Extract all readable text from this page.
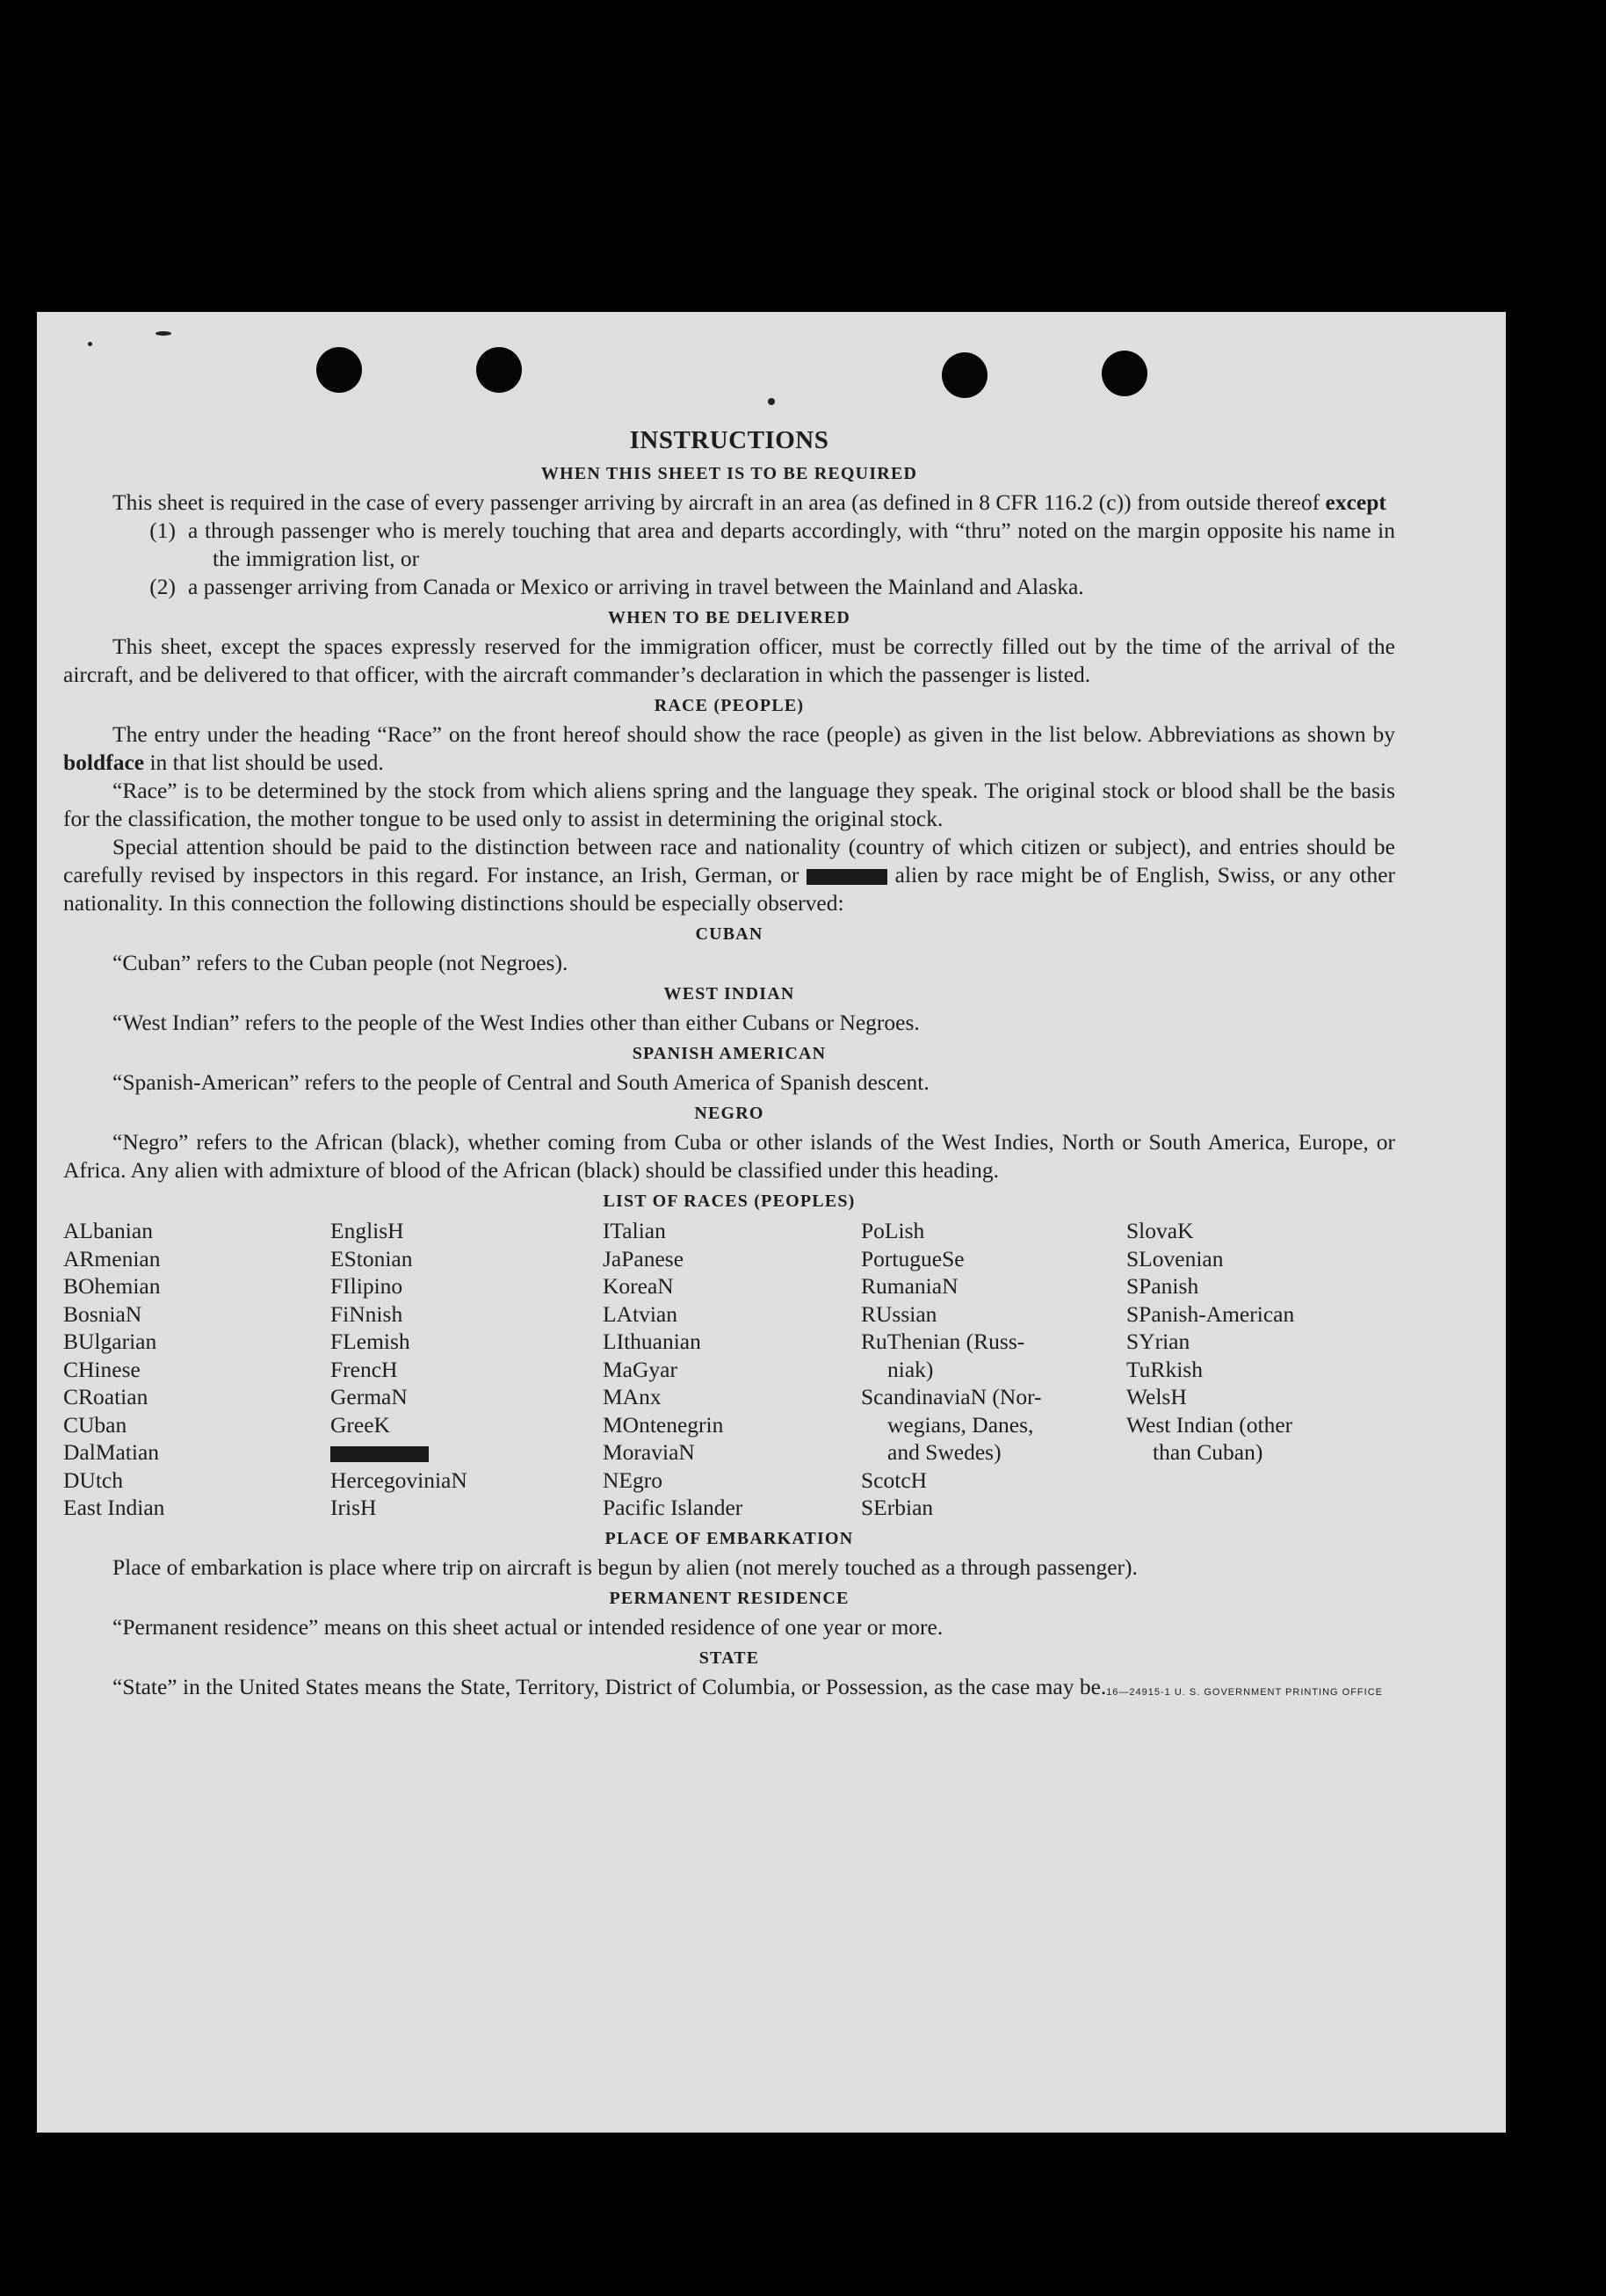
INSTRUCTIONS
WHEN THIS SHEET IS TO BE REQUIRED

This sheet is required in the case of every passenger arriving by aircraft in an area (as defined in 8 CFR 116.2 (c)) from outside thereof except

(1) a through passenger who is merely touching that area and departs accordingly, with “thru” noted on the margin opposite his name in the immigration list, or
(2) a passenger arriving from Canada or Mexico or arriving in travel between the Mainland and Alaska.
WHEN TO BE DELIVERED

This sheet, except the spaces expressly reserved for the immigration officer, must be correctly filled out by the time of the arrival of the aircraft, and be delivered to that officer, with the aircraft commander’s declaration in which the passenger is listed.

RACE (PEOPLE)

The entry under the heading “Race” on the front hereof should show the race (people) as given in the list below. Abbreviations as shown by boldface in that list should be used.

“Race” is to be determined by the stock from which aliens spring and the language they speak. The original stock or blood shall be the basis for the classification, the mother tongue to be used only to assist in determining the original stock.

Special attention should be paid to the distinction between race and nationality (country of which citizen or subject), and entries should be carefully revised by inspectors in this regard. For instance, an Irish, German, or	alien by race might be of English, Swiss, or any other nationality. In this connection the following distinctions should be especially observed:

CUBAN

“Cuban” refers to the Cuban people (not Negroes).

WEST INDIAN

“West Indian” refers to the people of the West Indies other than either Cubans or Negroes.

SPANISH AMERICAN

“Spanish-American” refers to the people of Central and South America of Spanish descent.

NEGRO

“Negro” refers to the African (black), whether coming from Cuba or other islands of the West Indies, North or South America, Europe, or Africa. Any alien with admixture of blood of the African (black) should be classified under this heading.

LIST OF RACES (PEOPLES)
ALbanian
ARmenian
BOhemian
BosniaN
BUlgarian
CHinese
CRoatian
CUban
DalMatian
DUtch
East Indian
EnglisH
EStonian
FIlipino
FiNnish
FLemish
FrencH
GermaN
GreeK
HercegoviniaN
IrisH
ITalian
JaPanese
KoreaN
LAtvian
LIthuanian
MaGyar
MAnx
MOntenegrin
MoraviaN
NEgro
Pacific Islander
PoLish
PortugueSe
RumaniaN
RUssian
RuThenian (Russ-
niak)
ScandinaviaN (Nor-
wegians, Danes,
and Swedes)
ScotcH
SErbian
SlovaK
SLovenian
SPanish
SPanish-American
SYrian
TuRkish
WelsH
West Indian (other
than Cuban)
PLACE OF EMBARKATION

Place of embarkation is place where trip on aircraft is begun by alien (not merely touched as a through passenger).

PERMANENT RESIDENCE

“Permanent residence” means on this sheet actual or intended residence of one year or more.

STATE

“State” in the United States means the State, Territory, District of Columbia, or Possession, as the case may be. 16—24915-1 U. S. GOVERNMENT PRINTING OFFICE
